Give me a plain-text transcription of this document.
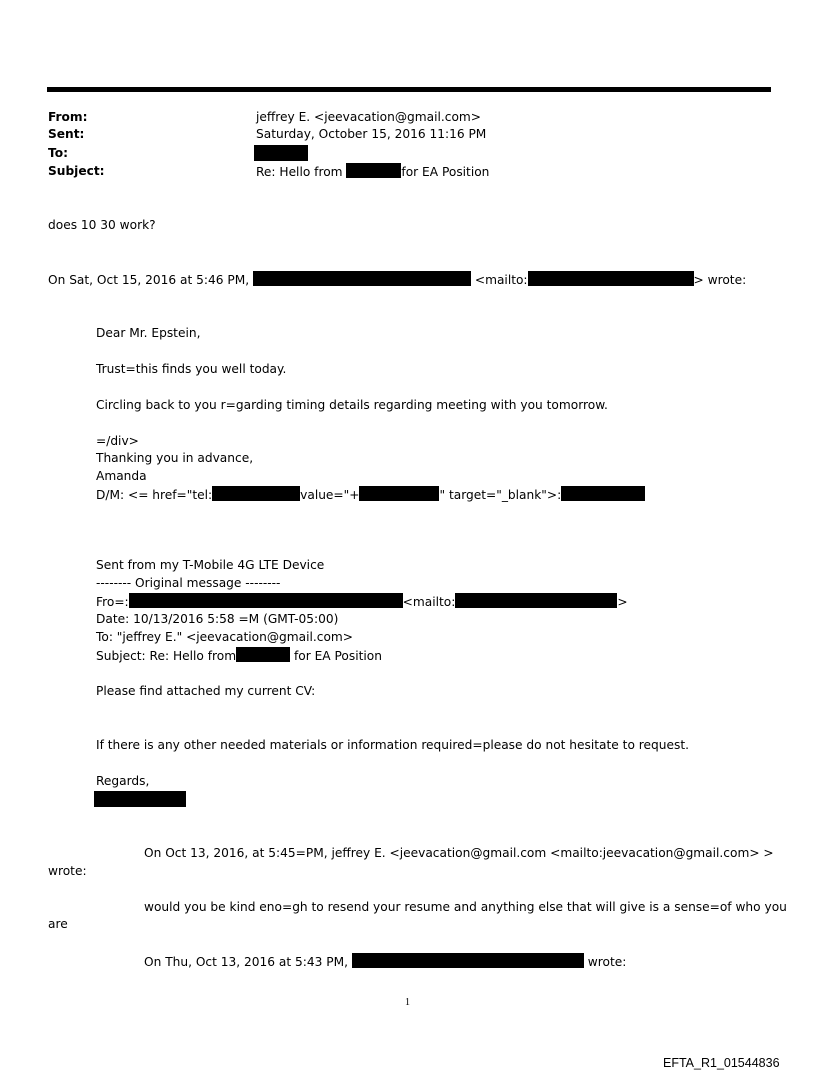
From:	jeffrey E. <jeevacation@gmail.com>
Sent:	Saturday, October 15, 2016 11:16 PM
To:
Subject:	Re: Hello from	for EA Position
does 10 30 work?
On Sat, Oct 15, 2016 at 5:46 PM,	<mailto:	> wrote:
Dear Mr. Epstein,
Trust=this finds you well today.
Circling back to you r=garding timing details regarding meeting with you tomorrow.
=/div>
Thanking you in advance,
Amanda
D/M: <= href="tel:	value="+	" target="_blank">:
Sent from my T-Mobile 4G LTE Device
-------- Original message --------
Fro=:	<mailto:	>
Date: 10/13/2016 5:58 =M (GMT-05:00)
To: "jeffrey E." <jeevacation@gmail.com>
Subject: Re: Hello from	for EA Position
Please find attached my current CV:
If there is any other needed materials or information required=please do not hesitate to request.
Regards,
On Oct 13, 2016, at 5:45=PM, jeffrey E. <jeevacation@gmail.com <mailto:jeevacation@gmail.com> >
wrote:
would you be kind eno=gh to resend your resume and anything else that will give is a sense=of who you
are
On Thu, Oct 13, 2016 at 5:43 PM,	wrote:
1
EFTA_R1_01544836
